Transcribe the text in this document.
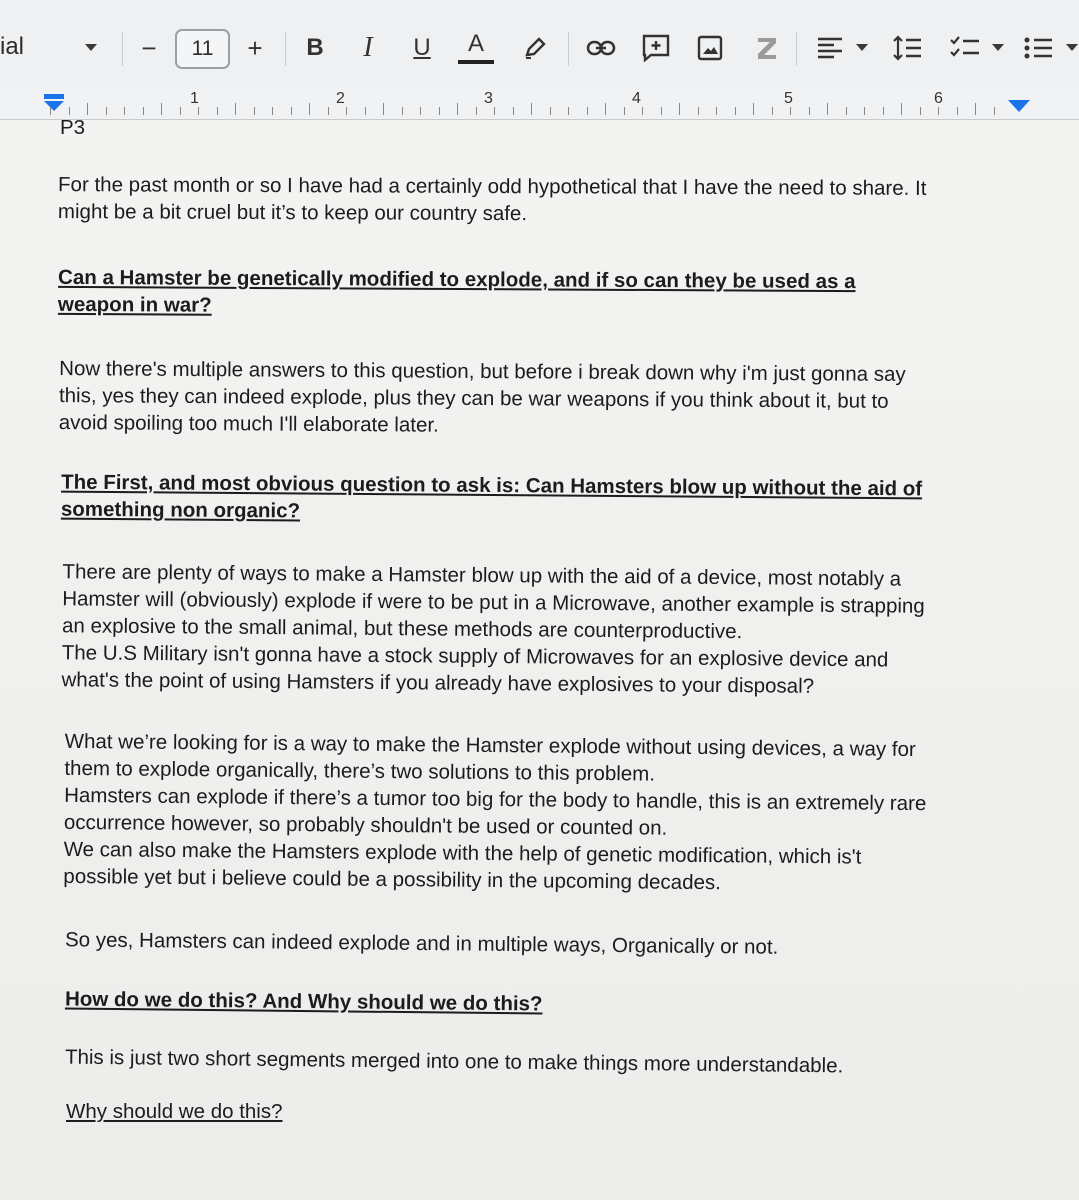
ial	−	11	+	B I	U A
1	2	3	4	5	6
P3
For the past month or so I have had a certainly odd hypothetical that I have the need to share. It
might be a bit cruel but it’s to keep our country safe.
Can a Hamster be genetically modified to explode, and if so can they be used as a
weapon in war?
Now there's multiple answers to this question, but before i break down why i'm just gonna say
this, yes they can indeed explode, plus they can be war weapons if you think about it, but to
avoid spoiling too much I'll elaborate later.
The First, and most obvious question to ask is: Can Hamsters blow up without the aid of
something non organic?
There are plenty of ways to make a Hamster blow up with the aid of a device, most notably a
Hamster will (obviously) explode if were to be put in a Microwave, another example is strapping
an explosive to the small animal, but these methods are counterproductive.
The U.S Military isn't gonna have a stock supply of Microwaves for an explosive device and
what's the point of using Hamsters if you already have explosives to your disposal?
What we’re looking for is a way to make the Hamster explode without using devices, a way for
them to explode organically, there’s two solutions to this problem.
Hamsters can explode if there’s a tumor too big for the body to handle, this is an extremely rare
occurrence however, so probably shouldn't be used or counted on.
We can also make the Hamsters explode with the help of genetic modification, which is't
possible yet but i believe could be a possibility in the upcoming decades.
So yes, Hamsters can indeed explode and in multiple ways, Organically or not.
How do we do this? And Why should we do this?
This is just two short segments merged into one to make things more understandable.
Why should we do this?
